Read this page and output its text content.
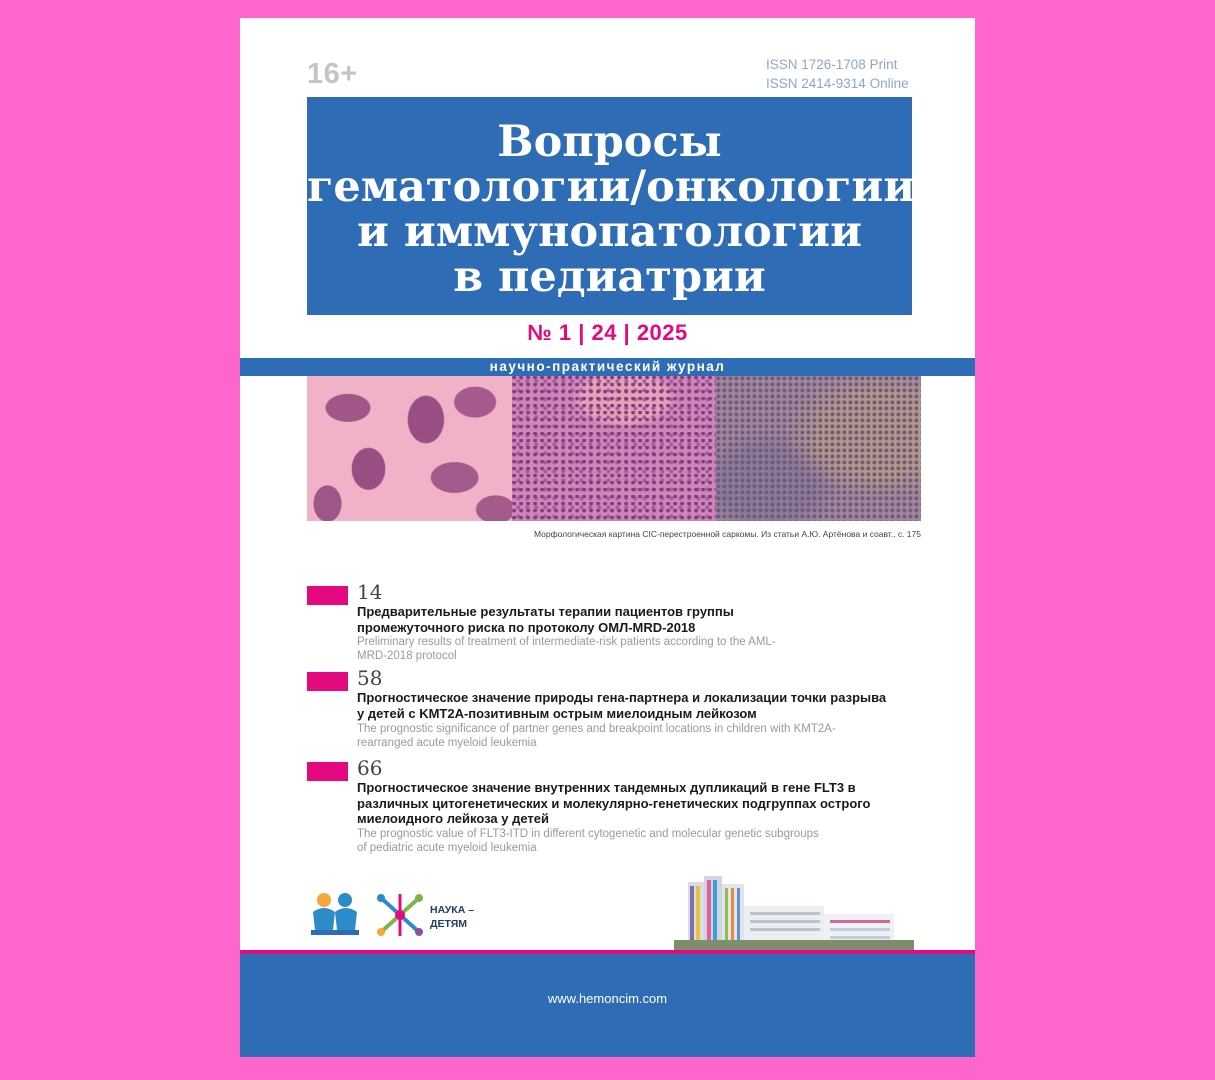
16+	ISSN 1726-1708 Print
ISSN 2414-9314 Online
Вопросы
гематологии/онкологии
и иммунопатологии
в педиатрии
№ 1 | 24 | 2025
научно-практический журнал
Морфологическая картина CIC-перестроенной саркомы. Из статьи А.Ю. Артёнова и соавт., с. 175
14
Предварительные результаты терапии пациентов группы промежуточного риска по протоколу ОМЛ-MRD-2018
Preliminary results of treatment of intermediate-risk patients according to the AML-MRD-2018 protocol
58
Прогностическое значение природы гена-партнера и локализации точки разрыва у детей с KMT2A-позитивным острым миелоидным лейкозом
The prognostic significance of partner genes and breakpoint locations in children with KMT2A-rearranged acute myeloid leukemia
66
Прогностическое значение внутренних тандемных дупликаций в гене FLT3 в различных цитогенетических и молекулярно-генетических подгруппах острого миелоидного лейкоза у детей
The prognostic value of FLT3-ITD in different cytogenetic and molecular genetic subgroups of pediatric acute myeloid leukemia
НАУКА –
ДЕТЯМ
www.hemoncim.com
